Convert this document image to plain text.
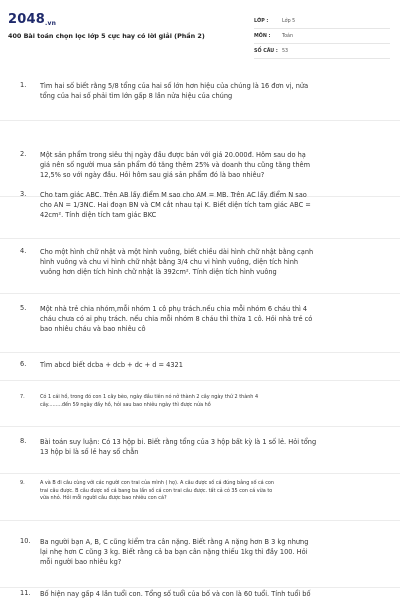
2048.vn
400 Bài toán chọn lọc lớp 5 cực hay có lời giải (Phần 2)
LỚP :	Lớp 5
MÔN :	Toán
SỐ CÂU : 53
1. Tìm hai số biết rằng 5/8 tổng của hai số lớn hơn hiệu của chúng là 16 đơn vị, nửa
tổng của hai số phải tìm lớn gấp 8 lần nửa hiệu của chúng

2. Một sản phẩm trong siêu thị ngày đầu được bán với giá 20.000đ. Hôm sau do hạ
giá nên số người mua sản phẩm đó tăng thêm 25% và doanh thu cũng tăng thêm
12,5% so với ngày đầu. Hỏi hôm sau giá sản phẩm đó là bao nhiêu?

3. Cho tam giác ABC. Trên AB lấy điểm M sao cho AM = MB. Trên AC lấy điểm N sao
cho AN = 1/3NC. Hai đoạn BN và CM cắt nhau tại K. Biết diện tích tam giác ABC =
42cm². Tính diện tích tam giác BKC

4. Cho một hình chữ nhật và một hình vuông, biết chiều dài hình chữ nhật bằng cạnh
hình vuông và chu vi hình chữ nhật bằng 3/4 chu vi hình vuông, diện tích hình
vuông hơn diện tích hình chữ nhật là 392cm². Tính diện tích hình vuông

5. Một nhà trẻ chia nhóm,mỗi nhóm 1 cô phụ trách.nếu chia mỗi nhóm 6 cháu thì 4
cháu chưa có ai phụ trách. nếu chia mỗi nhóm 8 cháu thì thừa 1 cô. Hỏi nhà trẻ có
bao nhiêu cháu và bao nhiêu cô

6. Tìm abcd biết dcba + dcb + dc + d = 4321

7.	Có 1 cái hồ, trong đó con 1 cây bèo, ngày đầu tiên nó nở thành 2 cây ngày thứ 2 thành 4
cây.........đến 59 ngày đầy hồ, hỏi sau bao nhiêu ngày thì được nửa hồ

8. Bài toán suy luận: Có 13 hộp bi. Biết rằng tổng của 3 hộp bất kỳ là 1 số lẻ. Hỏi tổng
13 hộp bi là số lẻ hay số chẵn

9.	A và B đi câu cùng với các người con trai của mình ( họ). A câu được số cá đúng bằng số cá con
trai câu được. B câu được số cá bang ba lần số cá con trai câu được. tất cả có 35 con cá vừa to
vừa nhỏ. Hỏi mỗi người câu được bao nhiêu con cá?

10. Ba người bạn A, B, C cũng kiểm tra cân nặng. Biết rằng A nặng hơn B 3 kg nhưng
lại nhẹ hơn C cũng 3 kg. Biết rằng cả ba bạn cân nặng thiếu 1kg thì đầy 100. Hỏi
mỗi người bao nhiêu kg?

11. Bố hiện nay gấp 4 lần tuổi con. Tổng số tuổi của bố và con là 60 tuổi. Tính tuổi bố
